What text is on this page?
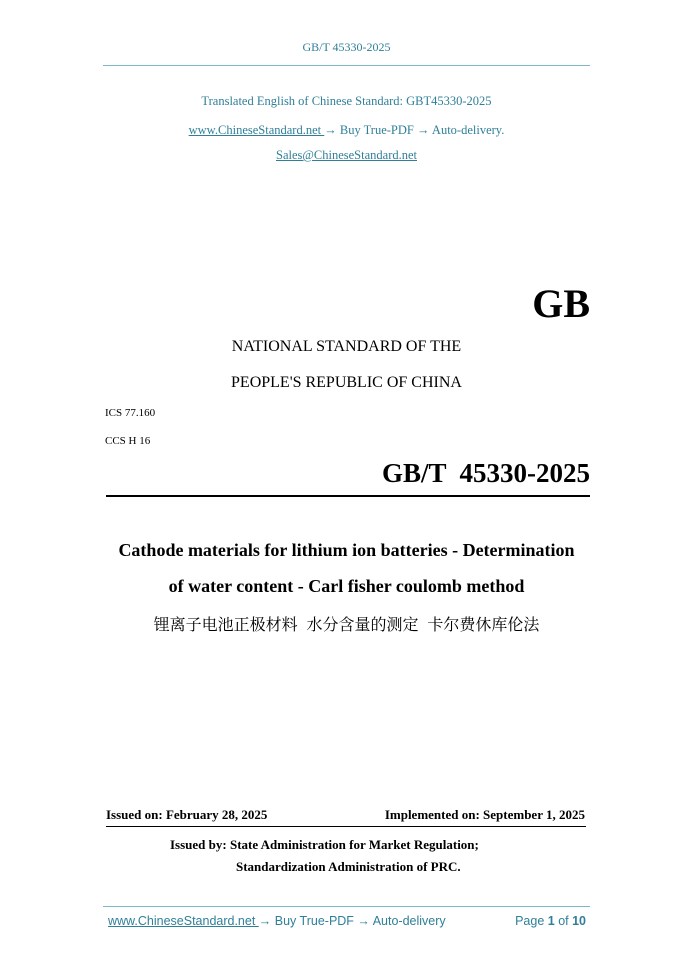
GB/T 45330-2025
Translated English of Chinese Standard: GBT45330-2025
www.ChineseStandard.net → Buy True-PDF → Auto-delivery.
Sales@ChineseStandard.net
GB
NATIONAL STANDARD OF THE
PEOPLE'S REPUBLIC OF CHINA
ICS 77.160
CCS H 16
GB/T  45330-2025
Cathode materials for lithium ion batteries - Determination
of water content - Carl fisher coulomb method
锂离子电池正极材料  水分含量的测定  卡尔费休库伦法
Issued on: February 28, 2025	Implemented on: September 1, 2025
Issued by: State Administration for Market Regulation;
Standardization Administration of PRC.
www.ChineseStandard.net → Buy True-PDF → Auto-delivery	Page 1 of 10
